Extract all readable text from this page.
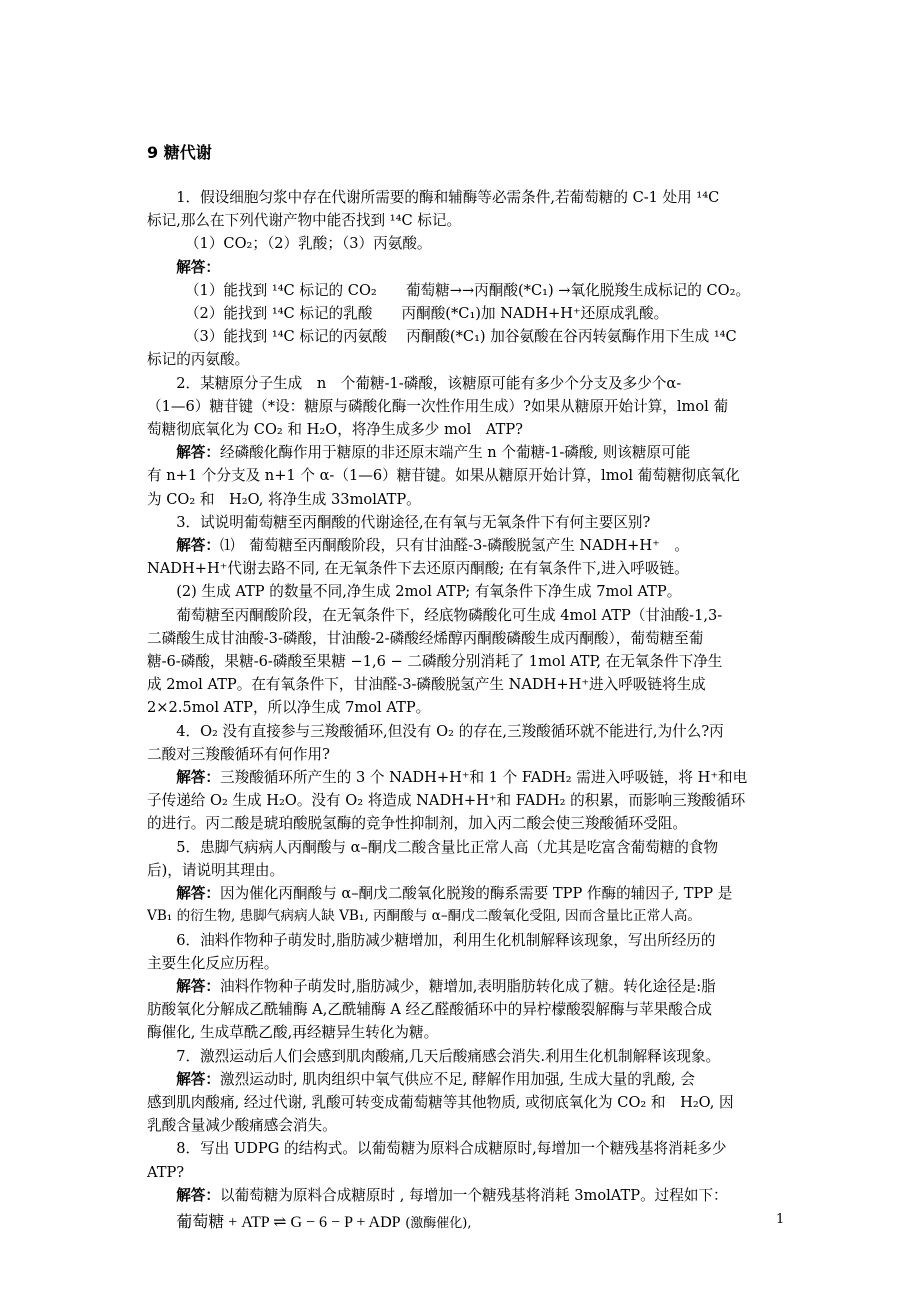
9 糖代谢

1．假设细胞匀浆中存在代谢所需要的酶和辅酶等必需条件,若葡萄糖的 C-1 处用 ¹⁴C

标记,那么在下列代谢产物中能否找到 ¹⁴C 标记。

（1）CO₂；（2）乳酸；（3）丙氨酸。

解答：

（1）能找到 ¹⁴C 标记的 CO₂　　葡萄糖→→丙酮酸(*C₁) →氧化脱羧生成标记的 CO₂。

（2）能找到 ¹⁴C 标记的乳酸　　丙酮酸(*C₁)加 NADH+H⁺还原成乳酸。

（3）能找到 ¹⁴C 标记的丙氨酸　 丙酮酸(*C₁) 加谷氨酸在谷丙转氨酶作用下生成 ¹⁴C

标记的丙氨酸。

2．某糖原分子生成　n　个葡糖-1-磷酸，该糖原可能有多少个分支及多少个α-

（1—6）糖苷键（*设：糖原与磷酸化酶一次性作用生成）?如果从糖原开始计算，lmol 葡

萄糖彻底氧化为 CO₂ 和 H₂O，将净生成多少 mol　ATP?

解答：经磷酸化酶作用于糖原的非还原末端产生 n 个葡糖-1-磷酸, 则该糖原可能

有 n+1 个分支及 n+1 个 α-（1—6）糖苷键。如果从糖原开始计算，lmol 葡萄糖彻底氧化

为 CO₂ 和　H₂O, 将净生成 33molATP。

3．试说明葡萄糖至丙酮酸的代谢途径,在有氧与无氧条件下有何主要区别?

解答：⑴　葡萄糖至丙酮酸阶段，只有甘油醛-3-磷酸脱氢产生 NADH+H⁺　。

NADH+H⁺代谢去路不同, 在无氧条件下去还原丙酮酸; 在有氧条件下,进入呼吸链。

(2) 生成 ATP 的数量不同,净生成 2mol ATP; 有氧条件下净生成 7mol ATP。

葡萄糖至丙酮酸阶段，在无氧条件下，经底物磷酸化可生成 4mol ATP（甘油酸-1,3-

二磷酸生成甘油酸-3-磷酸，甘油酸-2-磷酸经烯醇丙酮酸磷酸生成丙酮酸），葡萄糖至葡

糖-6-磷酸，果糖-6-磷酸至果糖 −1,6 − 二磷酸分别消耗了 1mol ATP, 在无氧条件下净生

成 2mol ATP。在有氧条件下，甘油醛-3-磷酸脱氢产生 NADH+H⁺进入呼吸链将生成

2×2.5mol ATP，所以净生成 7mol ATP。

4．O₂ 没有直接参与三羧酸循环,但没有 O₂ 的存在,三羧酸循环就不能进行,为什么?丙

二酸对三羧酸循环有何作用?

解答：三羧酸循环所产生的 3 个 NADH+H⁺和 1 个 FADH₂ 需进入呼吸链，将 H⁺和电

子传递给 O₂ 生成 H₂O。没有 O₂ 将造成 NADH+H⁺和 FADH₂ 的积累，而影响三羧酸循环

的进行。丙二酸是琥珀酸脱氢酶的竞争性抑制剂，加入丙二酸会使三羧酸循环受阻。

5．患脚气病病人丙酮酸与 α–酮戊二酸含量比正常人高（尤其是吃富含葡萄糖的食物

后)，请说明其理由。

解答：因为催化丙酮酸与 α–酮戊二酸氧化脱羧的酶系需要 TPP 作酶的辅因子, TPP 是

VB₁ 的衍生物, 患脚气病病人缺 VB₁, 丙酮酸与 α–酮戊二酸氧化受阻, 因而含量比正常人高。

6．油料作物种子萌发时,脂肪减少糖增加，利用生化机制解释该现象，写出所经历的

主要生化反应历程。

解答：油料作物种子萌发时,脂肪减少，糖增加,表明脂肪转化成了糖。转化途径是:脂

肪酸氧化分解成乙酰辅酶 A,乙酰辅酶 A 经乙醛酸循环中的异柠檬酸裂解酶与苹果酸合成

酶催化, 生成草酰乙酸,再经糖异生转化为糖。

7．激烈运动后人们会感到肌肉酸痛,几天后酸痛感会消失.利用生化机制解释该现象。

解答：激烈运动时, 肌肉组织中氧气供应不足, 酵解作用加强, 生成大量的乳酸, 会

感到肌肉酸痛, 经过代谢, 乳酸可转变成葡萄糖等其他物质, 或彻底氧化为 CO₂ 和　H₂O, 因

乳酸含量减少酸痛感会消失。

8．写出 UDPG 的结构式。以葡萄糖为原料合成糖原时,每增加一个糖残基将消耗多少

ATP?

解答：以葡萄糖为原料合成糖原时 , 每增加一个糖残基将消耗 3molATP。过程如下：

葡萄糖 + ATP ⇌ G − 6 − P + ADP (激酶催化),	1
